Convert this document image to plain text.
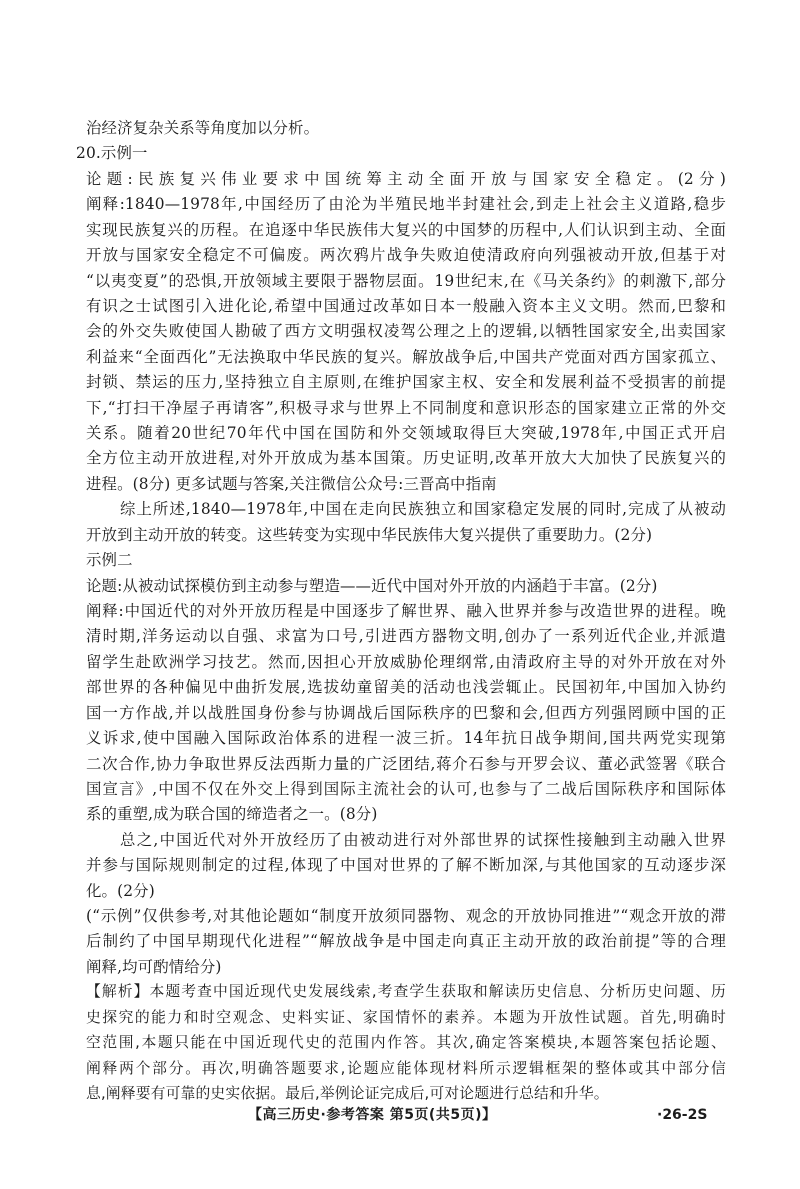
治经济复杂关系等角度加以分析。
20.示例一
论题:民族复兴伟业要求中国统筹主动全面开放与国家安全稳定。(2分)
阐释:1840—1978年,中国经历了由沦为半殖民地半封建社会,到走上社会主义道路,稳步
实现民族复兴的历程。在追逐中华民族伟大复兴的中国梦的历程中,人们认识到主动、全面
开放与国家安全稳定不可偏废。两次鸦片战争失败迫使清政府向列强被动开放,但基于对
“以夷变夏”的恐惧,开放领域主要限于器物层面。19世纪末,在《马关条约》的刺激下,部分
有识之士试图引入进化论,希望中国通过改革如日本一般融入资本主义文明。然而,巴黎和
会的外交失败使国人勘破了西方文明强权凌驾公理之上的逻辑,以牺牲国家安全,出卖国家
利益来“全面西化”无法换取中华民族的复兴。解放战争后,中国共产党面对西方国家孤立、
封锁、禁运的压力,坚持独立自主原则,在维护国家主权、安全和发展利益不受损害的前提
下,“打扫干净屋子再请客”,积极寻求与世界上不同制度和意识形态的国家建立正常的外交
关系。随着20世纪70年代中国在国防和外交领域取得巨大突破,1978年,中国正式开启
全方位主动开放进程,对外开放成为基本国策。历史证明,改革开放大大加快了民族复兴的
进程。(8分) 更多试题与答案,关注微信公众号:三晋高中指南
综上所述,1840—1978年,中国在走向民族独立和国家稳定发展的同时,完成了从被动
开放到主动开放的转变。这些转变为实现中华民族伟大复兴提供了重要助力。(2分)
示例二
论题:从被动试探模仿到主动参与塑造——近代中国对外开放的内涵趋于丰富。(2分)
阐释:中国近代的对外开放历程是中国逐步了解世界、融入世界并参与改造世界的进程。晚
清时期,洋务运动以自强、求富为口号,引进西方器物文明,创办了一系列近代企业,并派遣
留学生赴欧洲学习技艺。然而,因担心开放威胁伦理纲常,由清政府主导的对外开放在对外
部世界的各种偏见中曲折发展,选拔幼童留美的活动也浅尝辄止。民国初年,中国加入协约
国一方作战,并以战胜国身份参与协调战后国际秩序的巴黎和会,但西方列强罔顾中国的正
义诉求,使中国融入国际政治体系的进程一波三折。14年抗日战争期间,国共两党实现第
二次合作,协力争取世界反法西斯力量的广泛团结,蒋介石参与开罗会议、董必武签署《联合
国宣言》,中国不仅在外交上得到国际主流社会的认可,也参与了二战后国际秩序和国际体
系的重塑,成为联合国的缔造者之一。(8分)
总之,中国近代对外开放经历了由被动进行对外部世界的试探性接触到主动融入世界
并参与国际规则制定的过程,体现了中国对世界的了解不断加深,与其他国家的互动逐步深
化。(2分)
(“示例”仅供参考,对其他论题如“制度开放须同器物、观念的开放协同推进”“观念开放的滞
后制约了中国早期现代化进程”“解放战争是中国走向真正主动开放的政治前提”等的合理
阐释,均可酌情给分)
【高三历史·参考答案 第5页(共5页)】	·26-2S
【解析】本题考查中国近现代史发展线索,考查学生获取和解读历史信息、分析历史问题、历
史探究的能力和时空观念、史料实证、家国情怀的素养。本题为开放性试题。首先,明确时
空范围,本题只能在中国近现代史的范围内作答。其次,确定答案模块,本题答案包括论题、
阐释两个部分。再次,明确答题要求,论题应能体现材料所示逻辑框架的整体或其中部分信
息,阐释要有可靠的史实依据。最后,举例论证完成后,可对论题进行总结和升华。
